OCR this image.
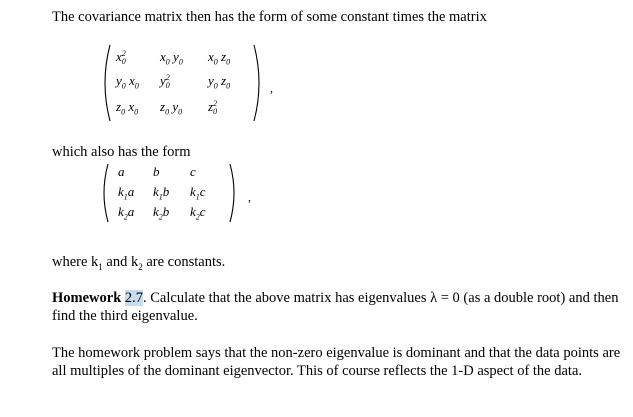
The covariance matrix then has the form of some constant times the matrix

x 2
0	$x_0$ $y_0$ $x_0$ $z_0$
$y_0$ $x_0$ y 2
0	$y_0$ $z_0$
$z_0$ $x_0$ $z_0$ $y_0$ z 2
0
,

which also has the form

a b c
$k_1a$ $k_1b$ $k_1c$
$k_2a$ $k_2b$ $k_2c$
,

where $k_1$ and $k_2$ are constants.

Homework 2.7. Calculate that the above matrix has eigenvalues λ = 0 (as a double root) and then find the third eigenvalue.

The homework problem says that the non-zero eigenvalue is dominant and that the data points are all multiples of the dominant eigenvector. This of course reflects the 1-D aspect of the data.
